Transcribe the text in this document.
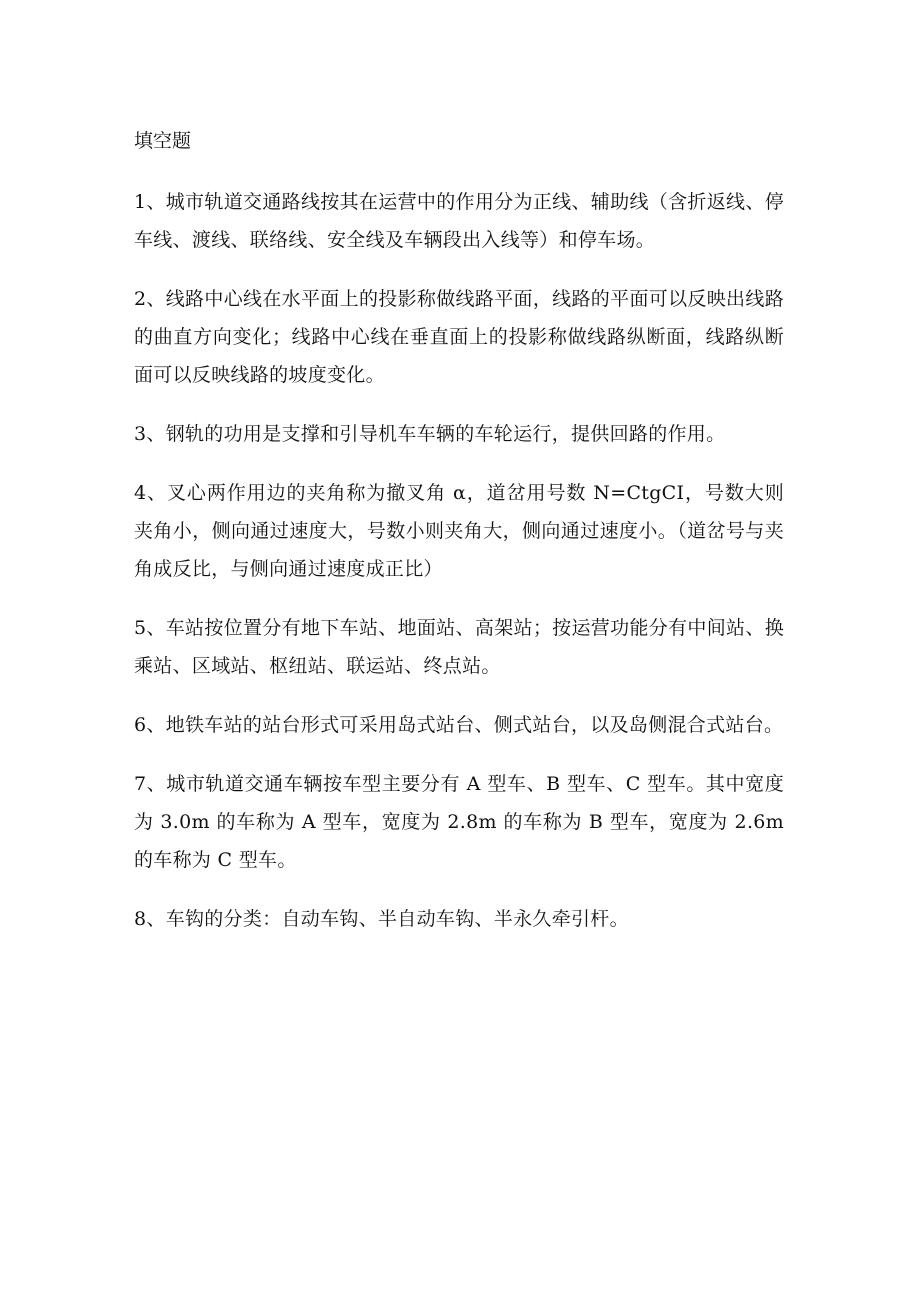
填空题
1、城市轨道交通路线按其在运营中的作用分为正线、辅助线（含折返线、停车线、渡线、联络线、安全线及车辆段出入线等）和停车场。
2、线路中心线在水平面上的投影称做线路平面，线路的平面可以反映出线路的曲直方向变化；线路中心线在垂直面上的投影称做线路纵断面，线路纵断面可以反映线路的坡度变化。
3、钢轨的功用是支撑和引导机车车辆的车轮运行，提供回路的作用。
4、叉心两作用边的夹角称为撤叉角 α，道岔用号数 N=CtgCI，号数大则夹角小，侧向通过速度大，号数小则夹角大，侧向通过速度小。（道岔号与夹角成反比，与侧向通过速度成正比）
5、车站按位置分有地下车站、地面站、高架站；按运营功能分有中间站、换乘站、区域站、枢纽站、联运站、终点站。
6、地铁车站的站台形式可采用岛式站台、侧式站台，以及岛侧混合式站台。
7、城市轨道交通车辆按车型主要分有 A 型车、B 型车、C 型车。其中宽度为 3.0m 的车称为 A 型车，宽度为 2.8m 的车称为 B 型车，宽度为 2.6m 的车称为 C 型车。
8、车钩的分类：自动车钩、半自动车钩、半永久牵引杆。
